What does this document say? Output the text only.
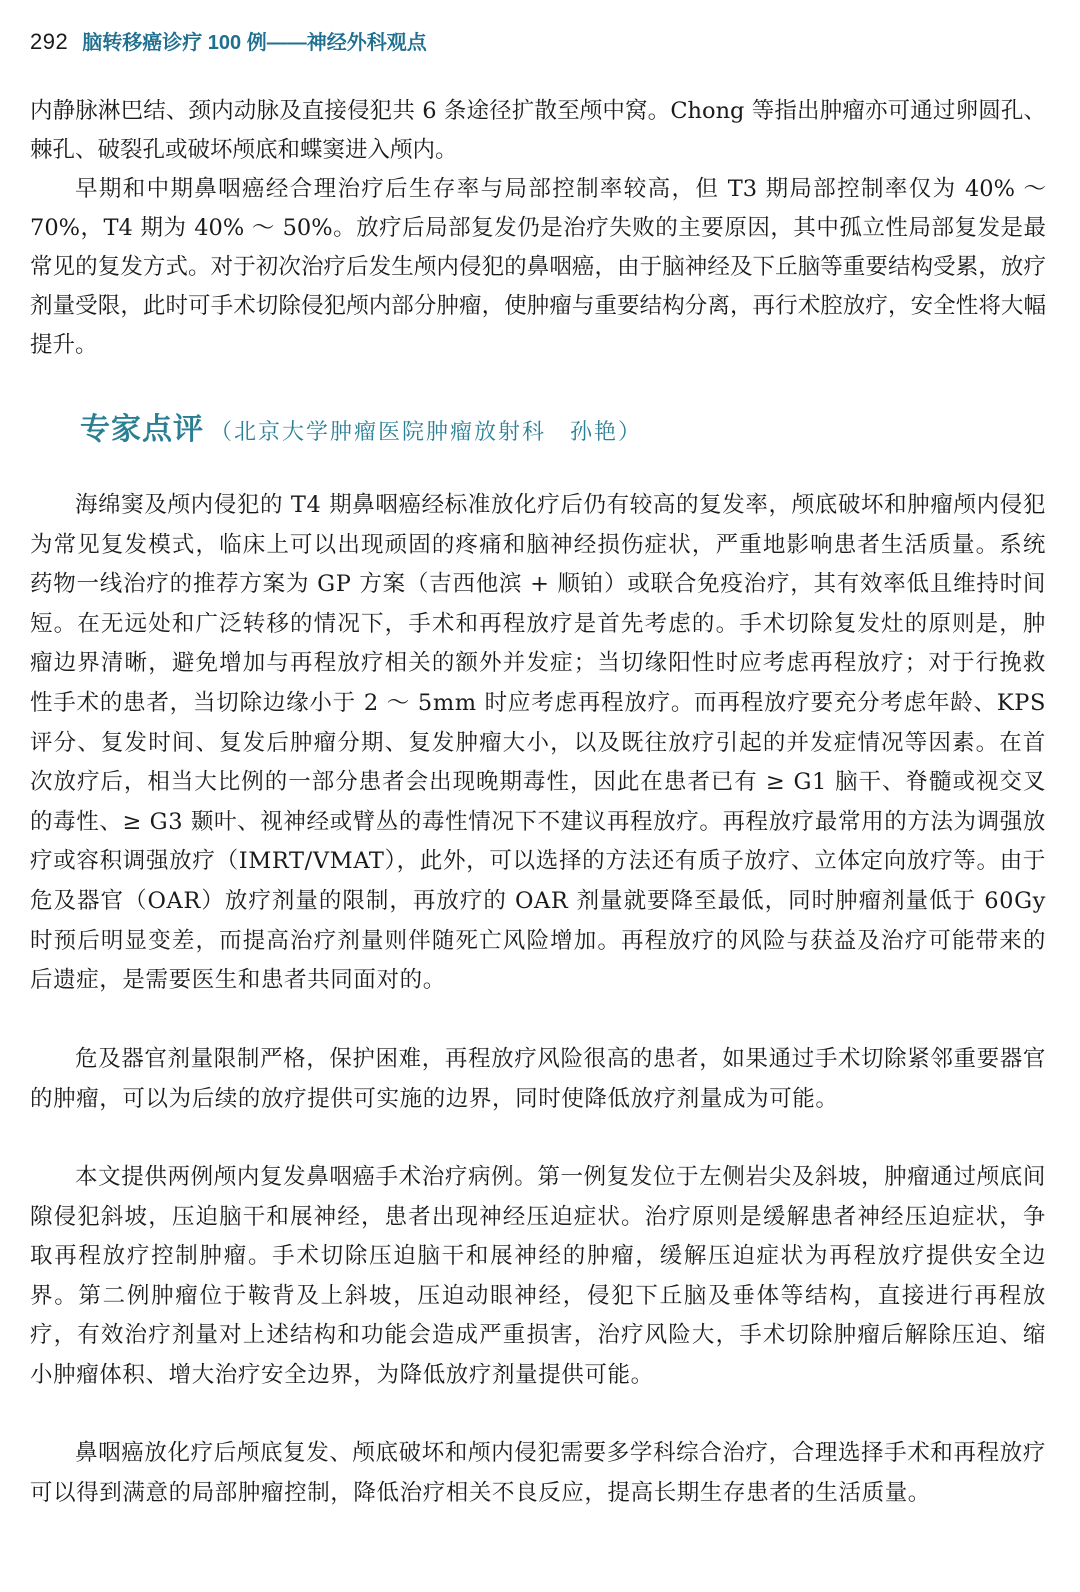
292 脑转移癌诊疗 100 例——神经外科观点

内静脉淋巴结、颈内动脉及直接侵犯共 6 条途径扩散至颅中窝。Chong 等指出肿瘤亦可通过卵圆孔、棘孔、破裂孔或破坏颅底和蝶窦进入颅内。

早期和中期鼻咽癌经合理治疗后生存率与局部控制率较高，但 T3 期局部控制率仅为 40% ～ 70%，T4 期为 40% ～ 50%。放疗后局部复发仍是治疗失败的主要原因，其中孤立性局部复发是最常见的复发方式。对于初次治疗后发生颅内侵犯的鼻咽癌，由于脑神经及下丘脑等重要结构受累，放疗剂量受限，此时可手术切除侵犯颅内部分肿瘤，使肿瘤与重要结构分离，再行术腔放疗，安全性将大幅提升。

专家点评 （北京大学肿瘤医院肿瘤放射科　孙艳）

海绵窦及颅内侵犯的 T4 期鼻咽癌经标准放化疗后仍有较高的复发率，颅底破坏和肿瘤颅内侵犯为常见复发模式，临床上可以出现顽固的疼痛和脑神经损伤症状，严重地影响患者生活质量。系统药物一线治疗的推荐方案为 GP 方案（吉西他滨 + 顺铂）或联合免疫治疗，其有效率低且维持时间短。在无远处和广泛转移的情况下，手术和再程放疗是首先考虑的。手术切除复发灶的原则是，肿瘤边界清晰，避免增加与再程放疗相关的额外并发症；当切缘阳性时应考虑再程放疗；对于行挽救性手术的患者，当切除边缘小于 2 ～ 5mm 时应考虑再程放疗。而再程放疗要充分考虑年龄、KPS 评分、复发时间、复发后肿瘤分期、复发肿瘤大小，以及既往放疗引起的并发症情况等因素。在首次放疗后，相当大比例的一部分患者会出现晚期毒性，因此在患者已有 ≥ G1 脑干、脊髓或视交叉的毒性、≥ G3 颞叶、视神经或臂丛的毒性情况下不建议再程放疗。再程放疗最常用的方法为调强放疗或容积调强放疗（IMRT/VMAT），此外，可以选择的方法还有质子放疗、立体定向放疗等。由于危及器官（OAR）放疗剂量的限制，再放疗的 OAR 剂量就要降至最低，同时肿瘤剂量低于 60Gy 时预后明显变差，而提高治疗剂量则伴随死亡风险增加。再程放疗的风险与获益及治疗可能带来的后遗症，是需要医生和患者共同面对的。

危及器官剂量限制严格，保护困难，再程放疗风险很高的患者，如果通过手术切除紧邻重要器官的肿瘤，可以为后续的放疗提供可实施的边界，同时使降低放疗剂量成为可能。

本文提供两例颅内复发鼻咽癌手术治疗病例。第一例复发位于左侧岩尖及斜坡，肿瘤通过颅底间隙侵犯斜坡，压迫脑干和展神经，患者出现神经压迫症状。治疗原则是缓解患者神经压迫症状，争取再程放疗控制肿瘤。手术切除压迫脑干和展神经的肿瘤，缓解压迫症状为再程放疗提供安全边界。第二例肿瘤位于鞍背及上斜坡，压迫动眼神经，侵犯下丘脑及垂体等结构，直接进行再程放疗，有效治疗剂量对上述结构和功能会造成严重损害，治疗风险大，手术切除肿瘤后解除压迫、缩小肿瘤体积、增大治疗安全边界，为降低放疗剂量提供可能。

鼻咽癌放化疗后颅底复发、颅底破坏和颅内侵犯需要多学科综合治疗，合理选择手术和再程放疗可以得到满意的局部肿瘤控制，降低治疗相关不良反应，提高长期生存患者的生活质量。
